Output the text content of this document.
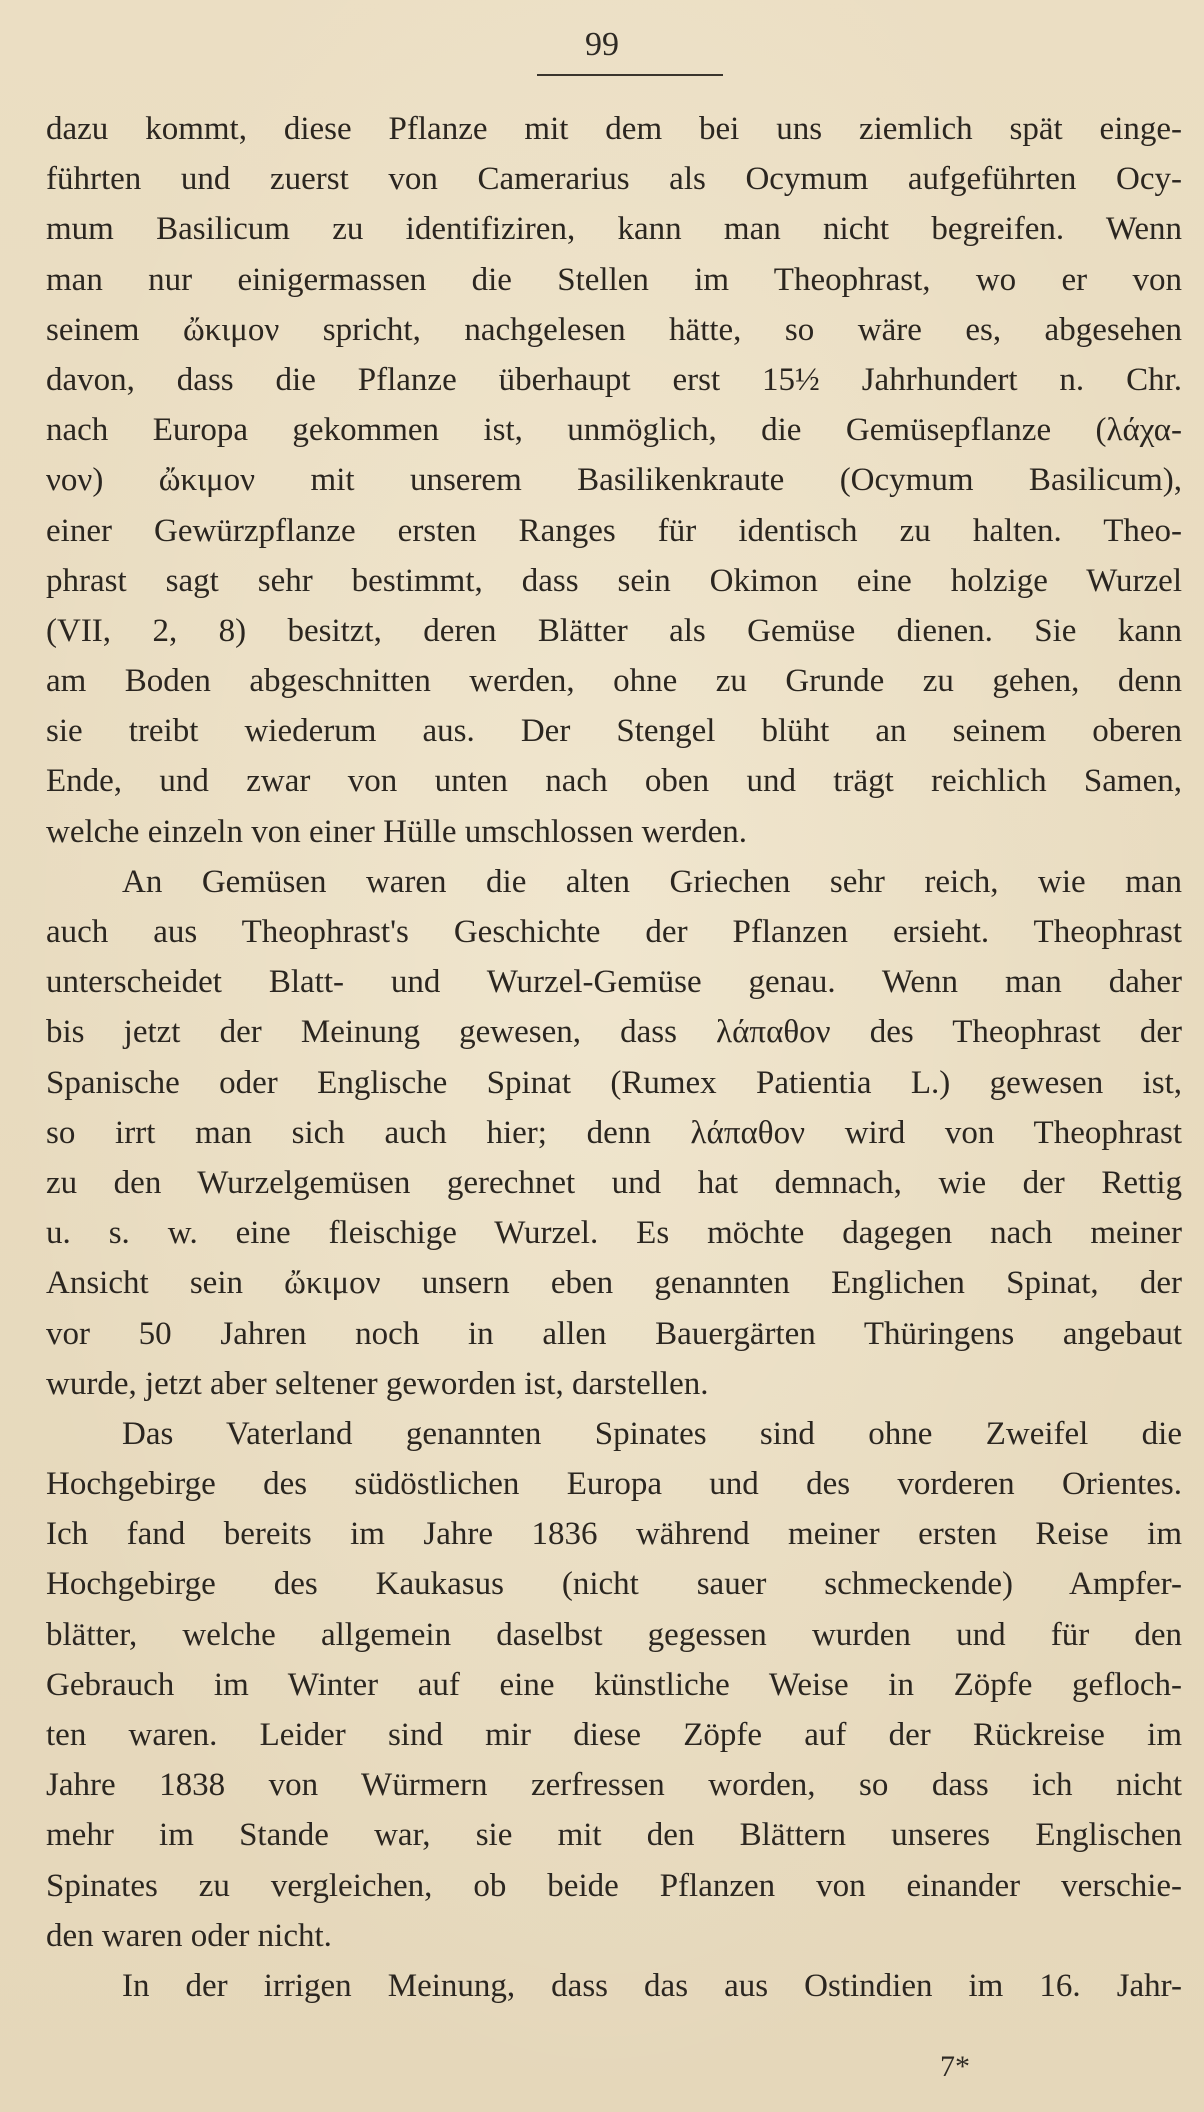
99
dazu kommt, diese Pflanze mit dem bei uns ziemlich spät einge-
führten und zuerst von Camerarius als Ocymum aufgeführten Ocy-
mum Basilicum zu identifiziren, kann man nicht begreifen. Wenn
man nur einigermassen die Stellen im Theophrast, wo er von
seinem ὤκιμον spricht, nachgelesen hätte, so wäre es, abgesehen
davon, dass die Pflanze überhaupt erst 15½ Jahrhundert n. Chr.
nach Europa gekommen ist, unmöglich, die Gemüsepflanze (λάχα-
νον) ὤκιμον mit unserem Basilikenkraute (Ocymum Basilicum),
einer Gewürzpflanze ersten Ranges für identisch zu halten. Theo-
phrast sagt sehr bestimmt, dass sein Okimon eine holzige Wurzel
(VII, 2, 8) besitzt, deren Blätter als Gemüse dienen. Sie kann
am Boden abgeschnitten werden, ohne zu Grunde zu gehen, denn
sie treibt wiederum aus. Der Stengel blüht an seinem oberen
Ende, und zwar von unten nach oben und trägt reichlich Samen,
welche einzeln von einer Hülle umschlossen werden.
An Gemüsen waren die alten Griechen sehr reich, wie man
auch aus Theophrast's Geschichte der Pflanzen ersieht. Theophrast
unterscheidet Blatt- und Wurzel-Gemüse genau. Wenn man daher
bis jetzt der Meinung gewesen, dass λάπαθον des Theophrast der
Spanische oder Englische Spinat (Rumex Patientia L.) gewesen ist,
so irrt man sich auch hier; denn λάπαθον wird von Theophrast
zu den Wurzelgemüsen gerechnet und hat demnach, wie der Rettig
u. s. w. eine fleischige Wurzel. Es möchte dagegen nach meiner
Ansicht sein ὤκιμον unsern eben genannten Englichen Spinat, der
vor 50 Jahren noch in allen Bauergärten Thüringens angebaut
wurde, jetzt aber seltener geworden ist, darstellen.
Das Vaterland genannten Spinates sind ohne Zweifel die
Hochgebirge des südöstlichen Europa und des vorderen Orientes.
Ich fand bereits im Jahre 1836 während meiner ersten Reise im
Hochgebirge des Kaukasus (nicht sauer schmeckende) Ampfer-
blätter, welche allgemein daselbst gegessen wurden und für den
Gebrauch im Winter auf eine künstliche Weise in Zöpfe geflоch-
ten waren. Leider sind mir diese Zöpfe auf der Rückreise im
Jahre 1838 von Würmern zerfressen worden, so dass ich nicht
mehr im Stande war, sie mit den Blättern unseres Englischen
Spinates zu vergleichen, ob beide Pflanzen von einander verschie-
den waren oder nicht.
In der irrigen Meinung, dass das aus Ostindien im 16. Jahr-
7*
